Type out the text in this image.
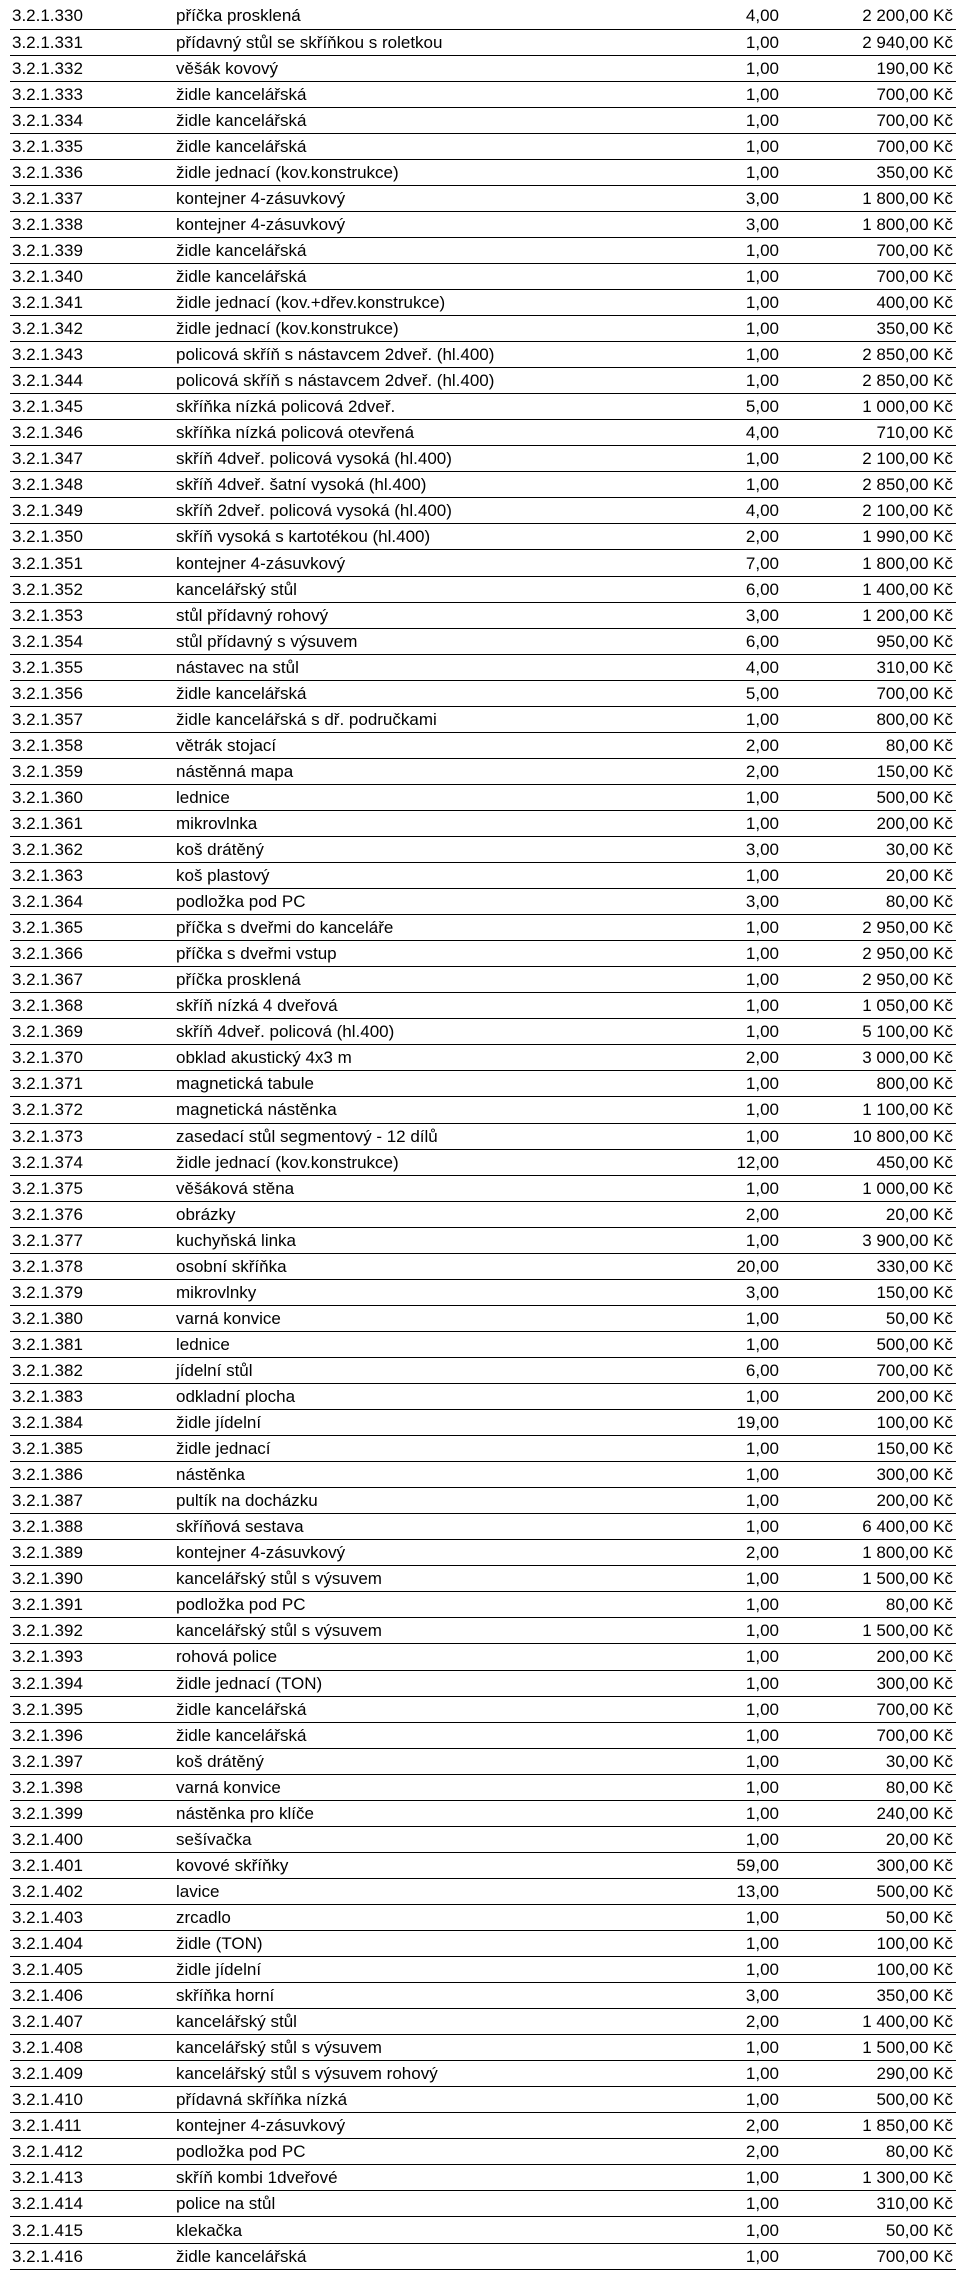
3.2.1.330	příčka prosklená	4,00	2 200,00 Kč
3.2.1.331	přídavný stůl se skříňkou s roletkou	1,00	2 940,00 Kč
3.2.1.332	věšák kovový	1,00	190,00 Kč
3.2.1.333	židle kancelářská	1,00	700,00 Kč
3.2.1.334	židle kancelářská	1,00	700,00 Kč
3.2.1.335	židle kancelářská	1,00	700,00 Kč
3.2.1.336	židle jednací (kov.konstrukce)	1,00	350,00 Kč
3.2.1.337	kontejner 4-zásuvkový	3,00	1 800,00 Kč
3.2.1.338	kontejner 4-zásuvkový	3,00	1 800,00 Kč
3.2.1.339	židle kancelářská	1,00	700,00 Kč
3.2.1.340	židle kancelářská	1,00	700,00 Kč
3.2.1.341	židle jednací (kov.+dřev.konstrukce)	1,00	400,00 Kč
3.2.1.342	židle jednací (kov.konstrukce)	1,00	350,00 Kč
3.2.1.343	policová skříň s nástavcem 2dveř. (hl.400)	1,00	2 850,00 Kč
3.2.1.344	policová skříň s nástavcem 2dveř. (hl.400)	1,00	2 850,00 Kč
3.2.1.345	skříňka nízká policová 2dveř.	5,00	1 000,00 Kč
3.2.1.346	skříňka nízká policová otevřená	4,00	710,00 Kč
3.2.1.347	skříň 4dveř. policová vysoká (hl.400)	1,00	2 100,00 Kč
3.2.1.348	skříň 4dveř. šatní vysoká (hl.400)	1,00	2 850,00 Kč
3.2.1.349	skříň 2dveř. policová vysoká (hl.400)	4,00	2 100,00 Kč
3.2.1.350	skříň vysoká s kartotékou (hl.400)	2,00	1 990,00 Kč
3.2.1.351	kontejner 4-zásuvkový	7,00	1 800,00 Kč
3.2.1.352	kancelářský stůl	6,00	1 400,00 Kč
3.2.1.353	stůl přídavný rohový	3,00	1 200,00 Kč
3.2.1.354	stůl přídavný s výsuvem	6,00	950,00 Kč
3.2.1.355	nástavec na stůl	4,00	310,00 Kč
3.2.1.356	židle kancelářská	5,00	700,00 Kč
3.2.1.357	židle kancelářská s dř. područkami	1,00	800,00 Kč
3.2.1.358	větrák stojací	2,00	80,00 Kč
3.2.1.359	nástěnná mapa	2,00	150,00 Kč
3.2.1.360	lednice	1,00	500,00 Kč
3.2.1.361	mikrovlnka	1,00	200,00 Kč
3.2.1.362	koš drátěný	3,00	30,00 Kč
3.2.1.363	koš plastový	1,00	20,00 Kč
3.2.1.364	podložka pod PC	3,00	80,00 Kč
3.2.1.365	příčka s dveřmi do kanceláře	1,00	2 950,00 Kč
3.2.1.366	příčka s dveřmi vstup	1,00	2 950,00 Kč
3.2.1.367	příčka prosklená	1,00	2 950,00 Kč
3.2.1.368	skříň nízká 4 dveřová	1,00	1 050,00 Kč
3.2.1.369	skříň 4dveř. policová (hl.400)	1,00	5 100,00 Kč
3.2.1.370	obklad akustický 4x3 m	2,00	3 000,00 Kč
3.2.1.371	magnetická tabule	1,00	800,00 Kč
3.2.1.372	magnetická nástěnka	1,00	1 100,00 Kč
3.2.1.373	zasedací stůl segmentový - 12 dílů	1,00	10 800,00 Kč
3.2.1.374	židle jednací (kov.konstrukce)	12,00	450,00 Kč
3.2.1.375	věšáková stěna	1,00	1 000,00 Kč
3.2.1.376	obrázky	2,00	20,00 Kč
3.2.1.377	kuchyňská linka	1,00	3 900,00 Kč
3.2.1.378	osobní skříňka	20,00	330,00 Kč
3.2.1.379	mikrovlnky	3,00	150,00 Kč
3.2.1.380	varná konvice	1,00	50,00 Kč
3.2.1.381	lednice	1,00	500,00 Kč
3.2.1.382	jídelní stůl	6,00	700,00 Kč
3.2.1.383	odkladní plocha	1,00	200,00 Kč
3.2.1.384	židle jídelní	19,00	100,00 Kč
3.2.1.385	židle jednací	1,00	150,00 Kč
3.2.1.386	nástěnka	1,00	300,00 Kč
3.2.1.387	pultík na docházku	1,00	200,00 Kč
3.2.1.388	skříňová sestava	1,00	6 400,00 Kč
3.2.1.389	kontejner 4-zásuvkový	2,00	1 800,00 Kč
3.2.1.390	kancelářský stůl s výsuvem	1,00	1 500,00 Kč
3.2.1.391	podložka pod PC	1,00	80,00 Kč
3.2.1.392	kancelářský stůl s výsuvem	1,00	1 500,00 Kč
3.2.1.393	rohová police	1,00	200,00 Kč
3.2.1.394	židle jednací (TON)	1,00	300,00 Kč
3.2.1.395	židle kancelářská	1,00	700,00 Kč
3.2.1.396	židle kancelářská	1,00	700,00 Kč
3.2.1.397	koš drátěný	1,00	30,00 Kč
3.2.1.398	varná konvice	1,00	80,00 Kč
3.2.1.399	nástěnka pro klíče	1,00	240,00 Kč
3.2.1.400	sešívačka	1,00	20,00 Kč
3.2.1.401	kovové skříňky	59,00	300,00 Kč
3.2.1.402	lavice	13,00	500,00 Kč
3.2.1.403	zrcadlo	1,00	50,00 Kč
3.2.1.404	židle (TON)	1,00	100,00 Kč
3.2.1.405	židle jídelní	1,00	100,00 Kč
3.2.1.406	skříňka horní	3,00	350,00 Kč
3.2.1.407	kancelářský stůl	2,00	1 400,00 Kč
3.2.1.408	kancelářský stůl s výsuvem	1,00	1 500,00 Kč
3.2.1.409	kancelářský stůl s výsuvem rohový	1,00	290,00 Kč
3.2.1.410	přídavná skříňka nízká	1,00	500,00 Kč
3.2.1.411	kontejner 4-zásuvkový	2,00	1 850,00 Kč
3.2.1.412	podložka pod PC	2,00	80,00 Kč
3.2.1.413	skříň kombi 1dveřové	1,00	1 300,00 Kč
3.2.1.414	police na stůl	1,00	310,00 Kč
3.2.1.415	klekačka	1,00	50,00 Kč
3.2.1.416	židle kancelářská	1,00	700,00 Kč
